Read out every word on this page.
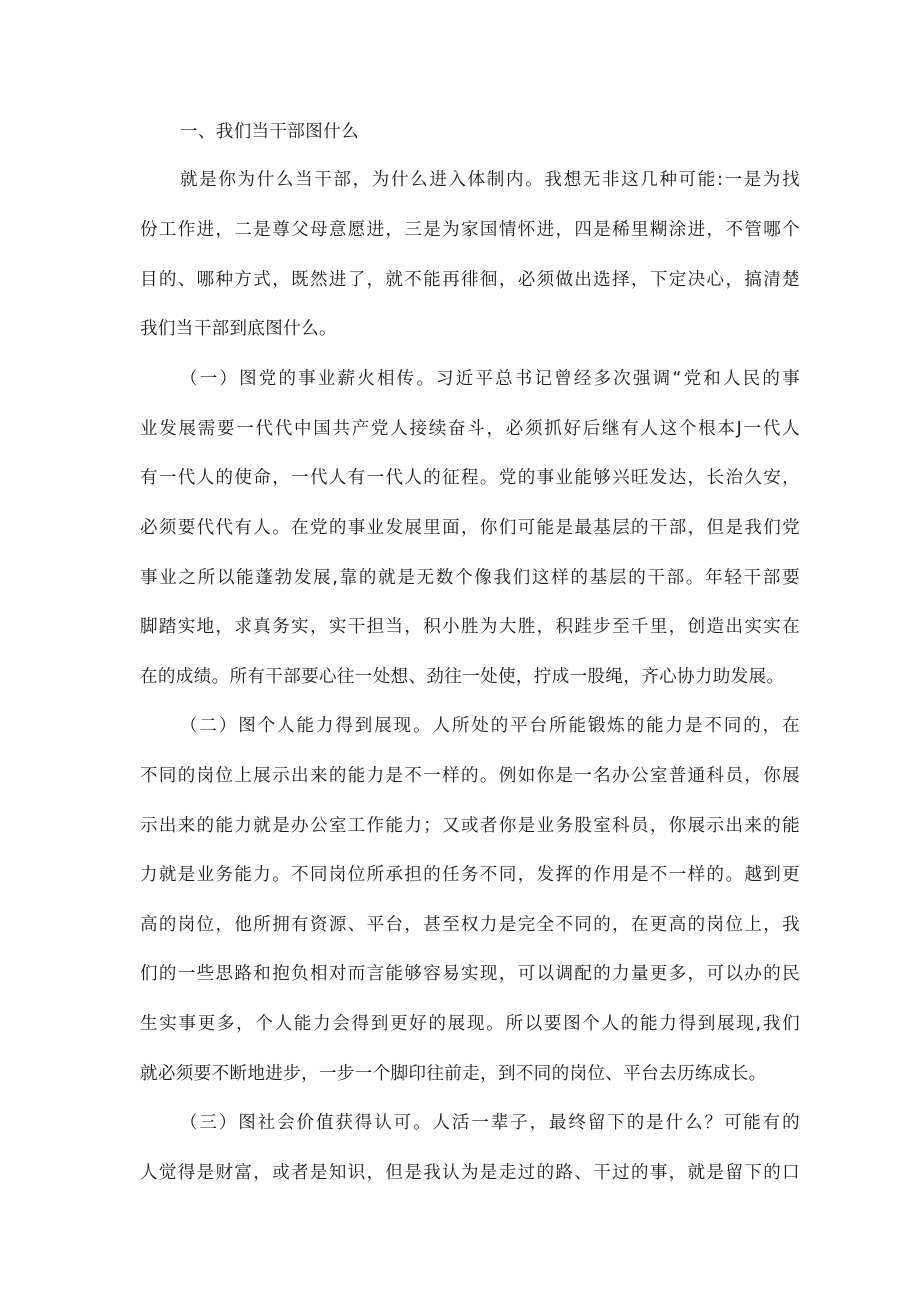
一、我们当干部图什么
就是你为什么当干部，为什么进入体制内。我想无非这几种可能:一是为找
份工作进，二是尊父母意愿进，三是为家国情怀进，四是稀里糊涂进，不管哪个
目的、哪种方式，既然进了，就不能再徘徊，必须做出选择，下定决心，搞清楚
我们当干部到底图什么。
（一）图党的事业薪火相传。习近平总书记曾经多次强调“党和人民的事
业发展需要一代代中国共产党人接续奋斗，必须抓好后继有人这个根本J一代人
有一代人的使命，一代人有一代人的征程。党的事业能够兴旺发达，长治久安，
必须要代代有人。在党的事业发展里面，你们可能是最基层的干部，但是我们党
事业之所以能蓬勃发展,靠的就是无数个像我们这样的基层的干部。年轻干部要
脚踏实地，求真务实，实干担当，积小胜为大胜，积跬步至千里，创造出实实在
在的成绩。所有干部要心往一处想、劲往一处使，拧成一股绳，齐心协力助发展。
（二）图个人能力得到展现。人所处的平台所能锻炼的能力是不同的，在
不同的岗位上展示出来的能力是不一样的。例如你是一名办公室普通科员，你展
示出来的能力就是办公室工作能力；又或者你是业务股室科员，你展示出来的能
力就是业务能力。不同岗位所承担的任务不同，发挥的作用是不一样的。越到更
高的岗位，他所拥有资源、平台，甚至权力是完全不同的，在更高的岗位上，我
们的一些思路和抱负相对而言能够容易实现，可以调配的力量更多，可以办的民
生实事更多，个人能力会得到更好的展现。所以要图个人的能力得到展现,我们
就必须要不断地进步，一步一个脚印往前走，到不同的岗位、平台去历练成长。
（三）图社会价值获得认可。人活一辈子，最终留下的是什么？可能有的
人觉得是财富，或者是知识，但是我认为是走过的路、干过的事，就是留下的口
